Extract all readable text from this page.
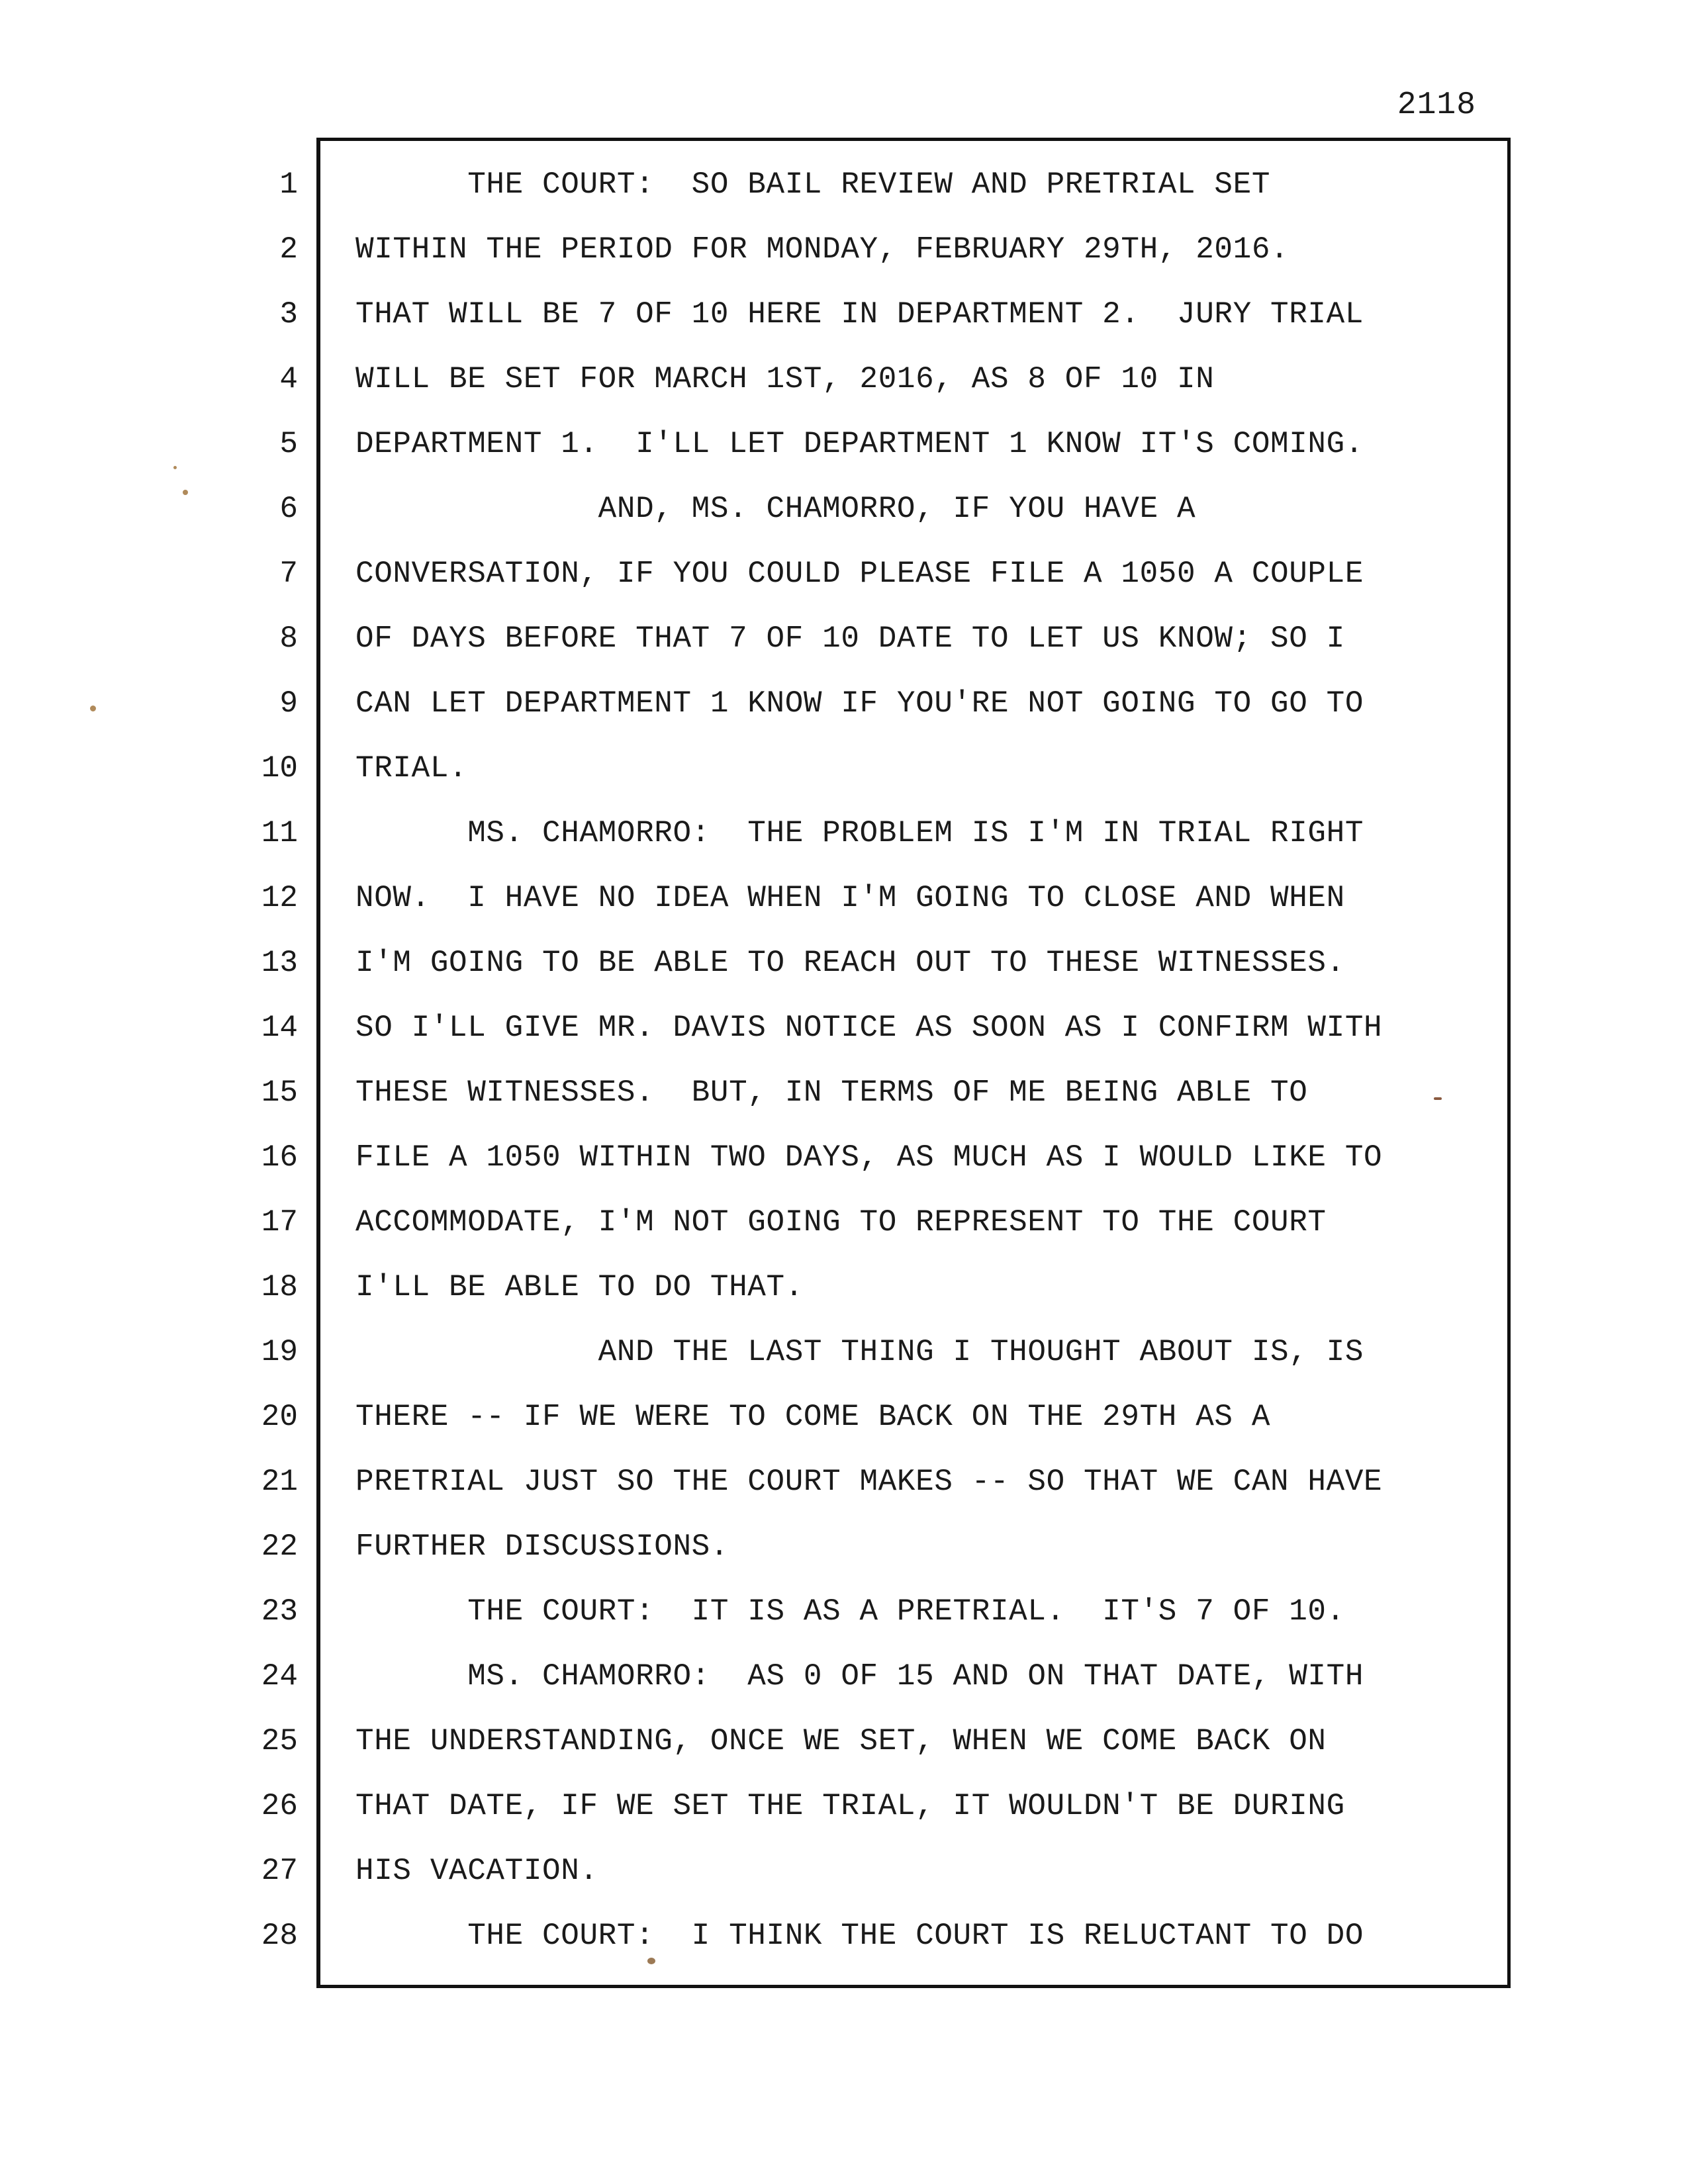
2118
1
2
3
4
5
6
7
8
9
10
11
12
13
14
15
16
17
18
19
20
21
22
23
24
25
26
27
28
THE COURT:  SO BAIL REVIEW AND PRETRIAL SET
WITHIN THE PERIOD FOR MONDAY, FEBRUARY 29TH, 2016.
THAT WILL BE 7 OF 10 HERE IN DEPARTMENT 2.  JURY TRIAL
WILL BE SET FOR MARCH 1ST, 2016, AS 8 OF 10 IN
DEPARTMENT 1.  I'LL LET DEPARTMENT 1 KNOW IT'S COMING.
AND, MS. CHAMORRO, IF YOU HAVE A
CONVERSATION, IF YOU COULD PLEASE FILE A 1050 A COUPLE
OF DAYS BEFORE THAT 7 OF 10 DATE TO LET US KNOW; SO I
CAN LET DEPARTMENT 1 KNOW IF YOU'RE NOT GOING TO GO TO
TRIAL.
MS. CHAMORRO:  THE PROBLEM IS I'M IN TRIAL RIGHT
NOW.  I HAVE NO IDEA WHEN I'M GOING TO CLOSE AND WHEN
I'M GOING TO BE ABLE TO REACH OUT TO THESE WITNESSES.
SO I'LL GIVE MR. DAVIS NOTICE AS SOON AS I CONFIRM WITH
THESE WITNESSES.  BUT, IN TERMS OF ME BEING ABLE TO
FILE A 1050 WITHIN TWO DAYS, AS MUCH AS I WOULD LIKE TO
ACCOMMODATE, I'M NOT GOING TO REPRESENT TO THE COURT
I'LL BE ABLE TO DO THAT.
AND THE LAST THING I THOUGHT ABOUT IS, IS
THERE -- IF WE WERE TO COME BACK ON THE 29TH AS A
PRETRIAL JUST SO THE COURT MAKES -- SO THAT WE CAN HAVE
FURTHER DISCUSSIONS.
THE COURT:  IT IS AS A PRETRIAL.  IT'S 7 OF 10.
MS. CHAMORRO:  AS 0 OF 15 AND ON THAT DATE, WITH
THE UNDERSTANDING, ONCE WE SET, WHEN WE COME BACK ON
THAT DATE, IF WE SET THE TRIAL, IT WOULDN'T BE DURING
HIS VACATION.
THE COURT:  I THINK THE COURT IS RELUCTANT TO DO
